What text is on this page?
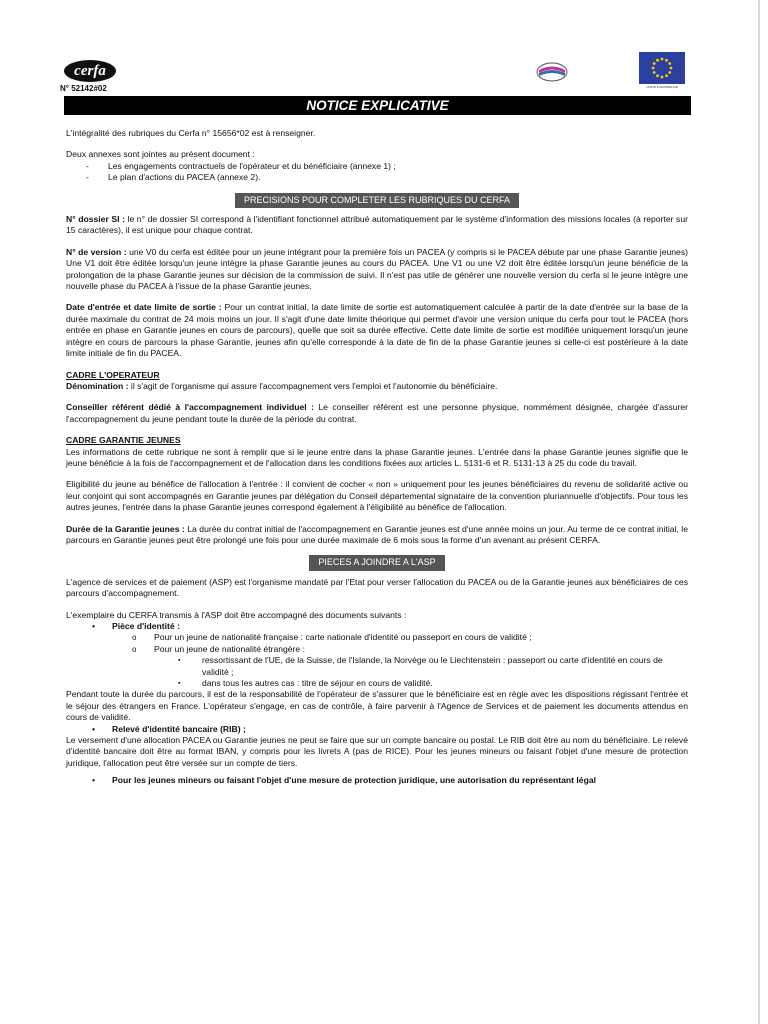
cerfa
N° 52142#02	UNION EUROPÉENNE
NOTICE EXPLICATIVE

L'intégralité des rubriques du Cerfa n° 15656*02 est à renseigner.

Deux annexes sont jointes au présent document :

- Les engagements contractuels de l'opérateur et du bénéficiaire (annexe 1) ;
- Le plan d'actions du PACEA (annexe 2).
PRECISIONS POUR COMPLETER LES RUBRIQUES DU CERFA

N° dossier SI : le n° de dossier SI correspond à l'identifiant fonctionnel attribué automatiquement par le système d'information des missions locales (à reporter sur 15 caractères), il est unique pour chaque contrat.

N° de version : une V0 du cerfa est éditée pour un jeune intégrant pour la première fois un PACEA (y compris si le PACEA débute par une phase Garantie jeunes) Une V1 doit être éditée lorsqu'un jeune intègre la phase Garantie jeunes au cours du PACEA. Une V1 ou une V2 doit être éditée lorsqu'un jeune bénéficie de la prolongation de la phase Garantie jeunes sur décision de la commission de suivi. Il n'est pas utile de générer une nouvelle version du cerfa si le jeune intègre une nouvelle phase du PACEA à l'issue de la phase Garantie jeunes.

Date d'entrée et date limite de sortie : Pour un contrat initial, la date limite de sortie est automatiquement calculée à partir de la date d'entrée sur la base de la durée maximale du contrat de 24 mois moins un jour. Il s'agit d'une date limite théorique qui permet d'avoir une version unique du cerfa pour tout le PACEA (hors entrée en phase en Garantie jeunes en cours de parcours), quelle que soit sa durée effective. Cette date limite de sortie est modifiée uniquement lorsqu'un jeune intègre en cours de parcours la phase Garantie, jeunes afin qu'elle corresponde à la date de fin de la phase Garantie jeunes si celle-ci est postérieure à la date limite initiale de fin du PACEA.

CADRE L'OPERATEUR

Dénomination : il s'agit de l'organisme qui assure l'accompagnement vers l'emploi et l'autonomie du bénéficiaire.

Conseiller référent dédié à l'accompagnement individuel : Le conseiller référent est une personne physique, nommément désignée, chargée d'assurer l'accompagnement du jeune pendant toute la durée de la période du contrat.

CADRE GARANTIE JEUNES

Les informations de cette rubrique ne sont à remplir que si le jeune entre dans la phase Garantie jeunes. L'entrée dans la phase Garantie jeunes signifie que le jeune bénéficie à la fois de l'accompagnement et de l'allocation dans les conditions fixées aux articles L. 5131-6 et R. 5131-13 à 25 du code du travail.

Eligibilité du jeune au bénéfice de l'allocation à l'entrée : il convient de cocher « non » uniquement pour les jeunes bénéficiaires du revenu de solidarité active ou leur conjoint qui sont accompagnés en Garantie jeunes par délégation du Conseil départemental signataire de la convention pluriannuelle d'objectifs. Pour tous les autres jeunes, l'entrée dans la phase Garantie jeunes correspond également à l'éligibilité au bénéfice de l'allocation.

Durée de la Garantie jeunes : La durée du contrat initial de l'accompagnement en Garantie jeunes est d'une année moins un jour. Au terme de ce contrat initial, le parcours en Garantie jeunes peut être prolongé une fois pour une durée maximale de 6 mois sous la forme d'un avenant au présent CERFA.

PIECES A JOINDRE A L'ASP

L'agence de services et de paiement (ASP) est l'organisme mandaté par l'Etat pour verser l'allocation du PACEA ou de la Garantie jeunes aux bénéficiaires de ces parcours d'accompagnement.

L'exemplaire du CERFA transmis à l'ASP doit être accompagné des documents suivants :

• Pièce d'identité :
o Pour un jeune de nationalité française : carte nationale d'identité ou passeport en cours de validité ;
o Pour un jeune de nationalité étrangère :
▪ ressortissant de l'UE, de la Suisse, de l'Islande, la Norvège ou le Liechtenstein : passeport ou carte d'identité en cours de validité ;
▪ dans tous les autres cas : titre de séjour en cours de validité.

Pendant toute la durée du parcours, il est de la responsabilité de l'opérateur de s'assurer que le bénéficiaire est en règle avec les dispositions régissant l'entrée et le séjour des étrangers en France. L'opérateur s'engage, en cas de contrôle, à faire parvenir à l'Agence de Services et de paiement les documents attendus en cours de validité.

• Relevé d'identité bancaire (RIB) ;

Le versement d'une allocation PACEA ou Garantie jeunes ne peut se faire que sur un compte bancaire ou postal. Le RIB doit être au nom du bénéficiaire. Le relevé d'identité bancaire doit être au format IBAN, y compris pour les livrets A (pas de RICE). Pour les jeunes mineurs ou faisant l'objet d'une mesure de protection juridique, l'allocation peut être versée sur un compte de tiers.

• Pour les jeunes mineurs ou faisant l'objet d'une mesure de protection juridique, une autorisation du représentant légal
